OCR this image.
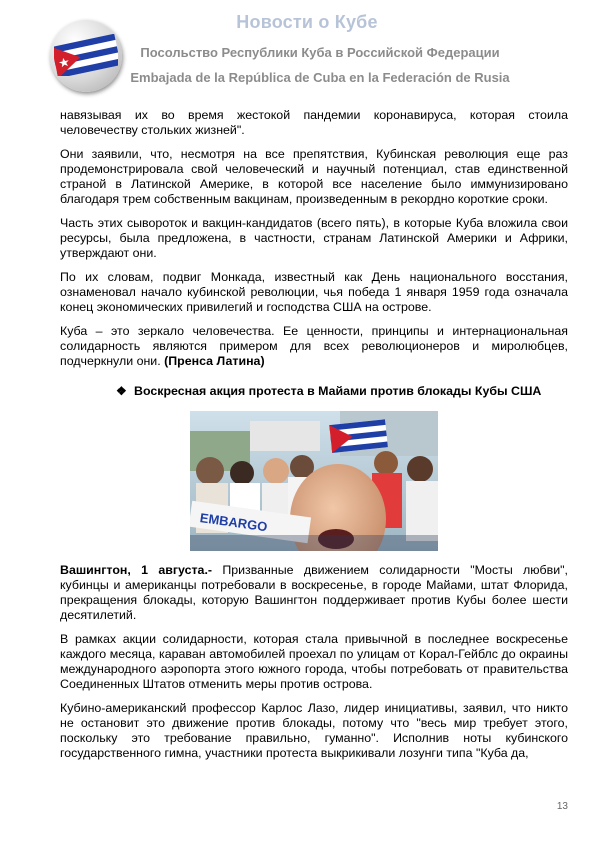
Новости о Кубе
Посольство Республики Куба в Российской Федерации
Embajada de la República de Cuba en la Federación de Rusia

навязывая их во время жестокой пандемии коронавируса, которая стоила человечеству стольких жизней".

Они заявили, что, несмотря на все препятствия, Кубинская революция еще раз продемонстрировала свой человеческий и научный потенциал, став единственной страной в Латинской Америке, в которой все население было иммунизировано благодаря трем собственным вакцинам, произведенным в рекордно короткие сроки.

Часть этих сывороток и вакцин-кандидатов (всего пять), в которые Куба вложила свои ресурсы, была предложена, в частности, странам Латинской Америки и Африки, утверждают они.

По их словам, подвиг Монкада, известный как День национального восстания, ознаменовал начало кубинской революции, чья победа 1 января 1959 года означала конец экономических привилегий и господства США на острове.

Куба – это зеркало человечества. Ее ценности, принципы и интернациональная солидарность являются примером для всех революционеров и миролюбцев, подчеркнули они. (Пренса Латина)

❖ Воскресная акция протеста в Майами против блокады Кубы США
EMBARGO

Вашингтон, 1 августа.- Призванные движением солидарности "Мосты любви", кубинцы и американцы потребовали в воскресенье, в городе Майами, штат Флорида, прекращения блокады, которую Вашингтон поддерживает против Кубы более шести десятилетий.

В рамках акции солидарности, которая стала привычной в последнее воскресенье каждого месяца, караван автомобилей проехал по улицам от Корал-Гейблс до окраины международного аэропорта этого южного города, чтобы потребовать от правительства Соединенных Штатов отменить меры против острова.

Кубино-американский профессор Карлос Лазо, лидер инициативы, заявил, что никто не остановит это движение против блокады, потому что "весь мир требует этого, поскольку это требование правильно, гуманно". Исполнив ноты кубинского государственного гимна, участники протеста выкрикивали лозунги типа "Куба да,

13
